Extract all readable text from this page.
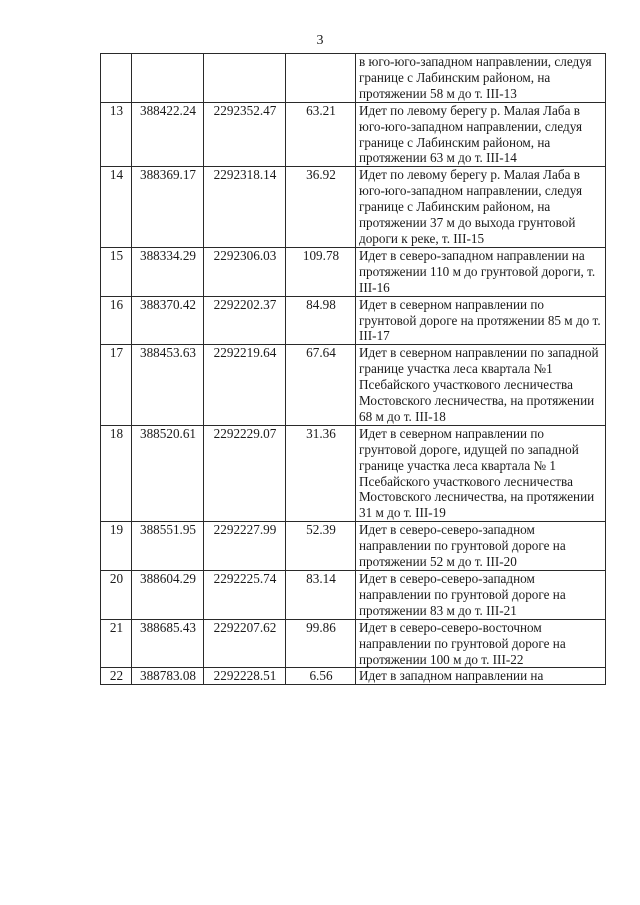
3
				в юго-юго-западном направлении, следуя границе с Лабинским районом, на протяжении 58 м до т. III-13
13	388422.24	2292352.47	63.21	Идет по левому берегу р. Малая Лаба в юго-юго-западном направлении, следуя границе с Лабинским районом, на протяжении 63 м до т. III-14
14	388369.17	2292318.14	36.92	Идет по левому берегу р. Малая Лаба в юго-юго-западном направлении, следуя границе с Лабинским районом, на протяжении 37 м до выхода грунтовой дороги к реке, т. III-15
15	388334.29	2292306.03	109.78	Идет в северо-западном направлении на протяжении 110 м до грунтовой дороги, т. III-16
16	388370.42	2292202.37	84.98	Идет в северном направлении по грунтовой дороге на протяжении 85 м до т. III-17
17	388453.63	2292219.64	67.64	Идет в северном направлении по западной границе участка леса квартала №1 Псебайского участкового лесничества Мостовского лесничества, на протяжении 68 м до т. III-18
18	388520.61	2292229.07	31.36	Идет в северном направлении по грунтовой дороге, идущей по западной границе участка леса квартала № 1 Псебайского участкового лесничества Мостовского лесничества, на протяжении 31 м до т. III-19
19	388551.95	2292227.99	52.39	Идет в северо-северо-западном направлении по грунтовой дороге на протяжении 52 м до т. III-20
20	388604.29	2292225.74	83.14	Идет в северо-северо-западном направлении по грунтовой дороге на протяжении 83 м до т. III-21
21	388685.43	2292207.62	99.86	Идет в северо-северо-восточном направлении по грунтовой дороге на протяжении 100 м до т. III-22
22	388783.08	2292228.51	6.56	Идет в западном направлении на
